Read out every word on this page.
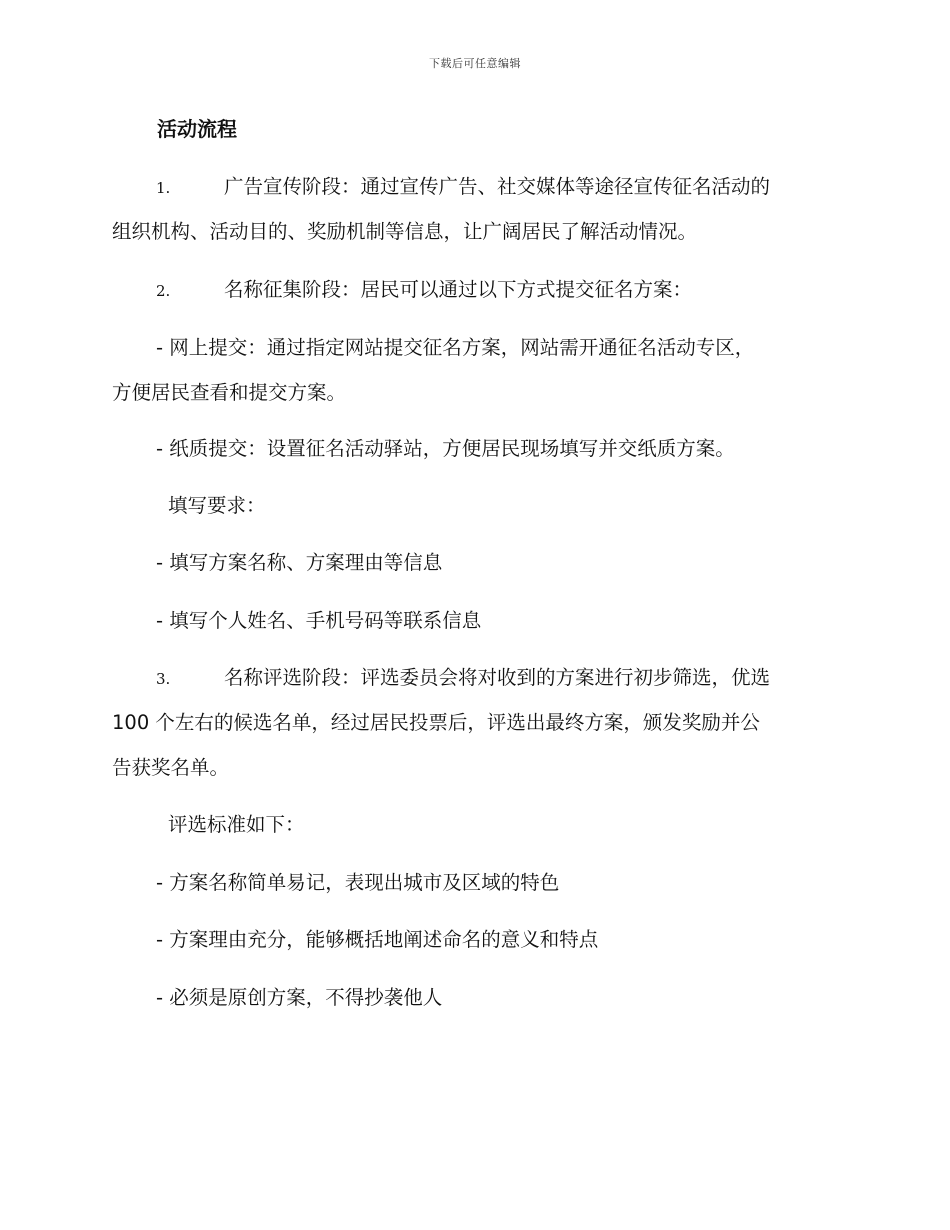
下载后可任意编辑
活动流程
1.	广告宣传阶段：通过宣传广告、社交媒体等途径宣传征名活动的
组织机构、活动目的、奖励机制等信息，让广阔居民了解活动情况。
2.	名称征集阶段：居民可以通过以下方式提交征名方案：
- 网上提交：通过指定网站提交征名方案，网站需开通征名活动专区，
方便居民查看和提交方案。
- 纸质提交：设置征名活动驿站，方便居民现场填写并交纸质方案。
填写要求：
- 填写方案名称、方案理由等信息
- 填写个人姓名、手机号码等联系信息
3.	名称评选阶段：评选委员会将对收到的方案进行初步筛选，优选
100 个左右的候选名单，经过居民投票后，评选出最终方案，颁发奖励并公
告获奖名单。
评选标准如下：
- 方案名称简单易记，表现出城市及区域的特色
- 方案理由充分，能够概括地阐述命名的意义和特点
- 必须是原创方案，不得抄袭他人
